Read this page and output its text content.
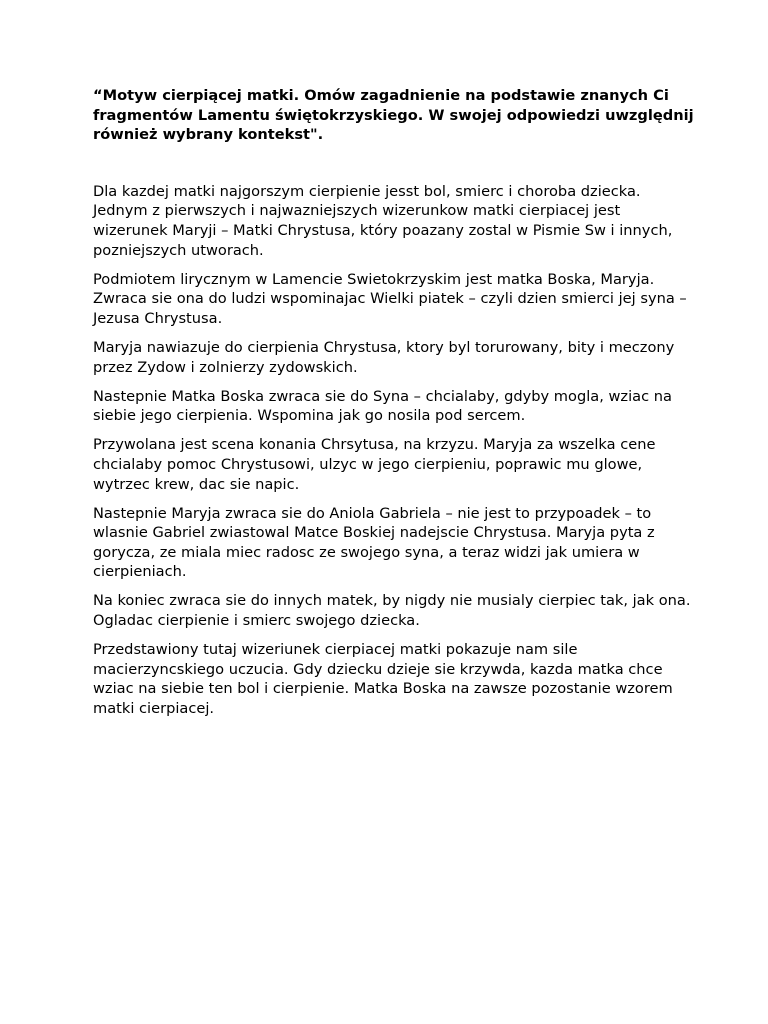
“Motyw cierpiącej matki. Omów zagadnienie na podstawie znanych Ci fragmentów Lamentu świętokrzyskiego. W swojej odpowiedzi uwzględnij również wybrany kontekst".

Dla kazdej matki najgorszym cierpienie jesst bol, smierc i choroba dziecka. Jednym z pierwszych i najwazniejszych wizerunkow matki cierpiacej jest wizerunek Maryji – Matki Chrystusa, który poazany zostal w Pismie Sw i innych, pozniejszych utworach.

Podmiotem lirycznym w Lamencie Swietokrzyskim jest matka Boska, Maryja. Zwraca sie ona do ludzi wspominajac Wielki piatek – czyli dzien smierci jej syna – Jezusa Chrystusa.

Maryja nawiazuje do cierpienia Chrystusa, ktory byl torurowany, bity i meczony przez Zydow i zolnierzy zydowskich.

Nastepnie Matka Boska zwraca sie do Syna – chcialaby, gdyby mogla, wziac na siebie jego cierpienia. Wspomina jak go nosila pod sercem.

Przywolana jest scena konania Chrsytusa, na krzyzu. Maryja za wszelka cene chcialaby pomoc Chrystusowi, ulzyc w jego cierpieniu, poprawic mu glowe, wytrzec krew, dac sie napic.

Nastepnie Maryja zwraca sie do Aniola Gabriela – nie jest to przypoadek – to wlasnie Gabriel zwiastowal Matce Boskiej nadejscie Chrystusa. Maryja pyta z gorycza, ze miala miec radosc ze swojego syna, a teraz widzi jak umiera w cierpieniach.

Na koniec zwraca sie do innych matek, by nigdy nie musialy cierpiec tak, jak ona. Ogladac cierpienie i smierc swojego dziecka.

Przedstawiony tutaj wizeriunek cierpiacej matki pokazuje nam sile macierzyncskiego uczucia. Gdy dziecku dzieje sie krzywda, kazda matka chce wziac na siebie ten bol i cierpienie. Matka Boska na zawsze pozostanie wzorem matki cierpiacej.
